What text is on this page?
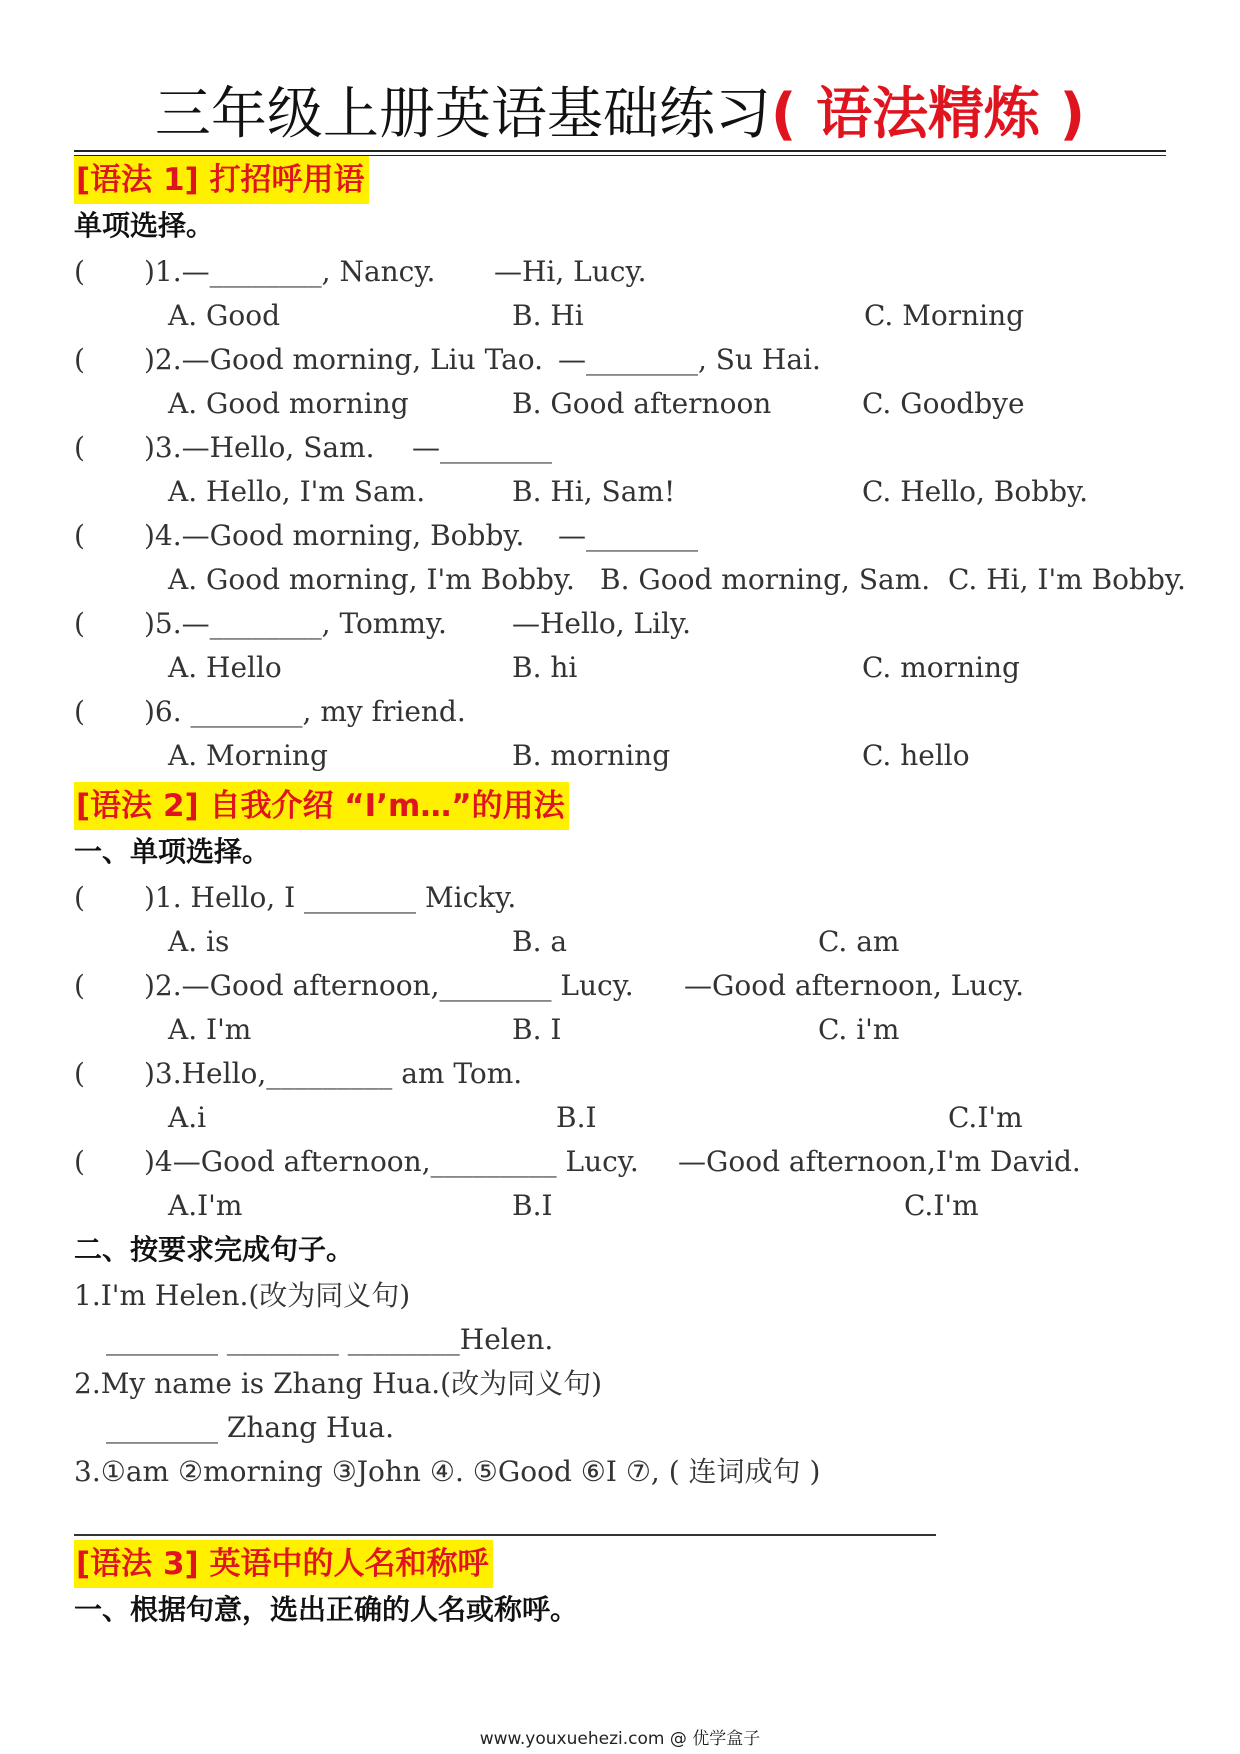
三年级上册英语基础练习( 语法精炼 )
[语法 1] 打招呼用语
单项选择。
( )1.—________, Nancy. —Hi, Lucy.
A. Good	B. Hi	C. Morning
( )2.—Good morning, Liu Tao. —________, Su Hai.
A. Good morning	B. Good afternoon	C. Goodbye
( )3.—Hello, Sam. —________
A. Hello, I'm Sam.	B. Hi, Sam!	C. Hello, Bobby.
( )4.—Good morning, Bobby. —________
A. Good morning, I'm Bobby. B. Good morning, Sam. C. Hi, I'm Bobby.
( )5.—________, Tommy. —Hello, Lily.
A. Hello	B. hi	C. morning
( )6. ________, my friend.
A. Morning	B. morning	C. hello
[语法 2] 自我介绍 “I’m…”的用法
一、单项选择。
( )1. Hello, I ________ Micky.
A. is	B. a	C. am
( )2.—Good afternoon,________ Lucy. —Good afternoon, Lucy.
A. I'm	B. I	C. i'm
( )3.Hello,_________ am Tom.
A.i	B.I	C.I'm
( )4—Good afternoon,_________ Lucy. —Good afternoon,I'm David.
A.I'm	B.I	C.I'm
二、按要求完成句子。
1.I'm Helen.(改为同义句)
________ ________ ________Helen.
2.My name is Zhang Hua.(改为同义句)
________ Zhang Hua.
3.①am ②morning ③John ④. ⑤Good ⑥I ⑦, ( 连词成句 )
[语法 3] 英语中的人名和称呼
一、根据句意，选出正确的人名或称呼。
www.youxuehezi.com @ 优学盒子
